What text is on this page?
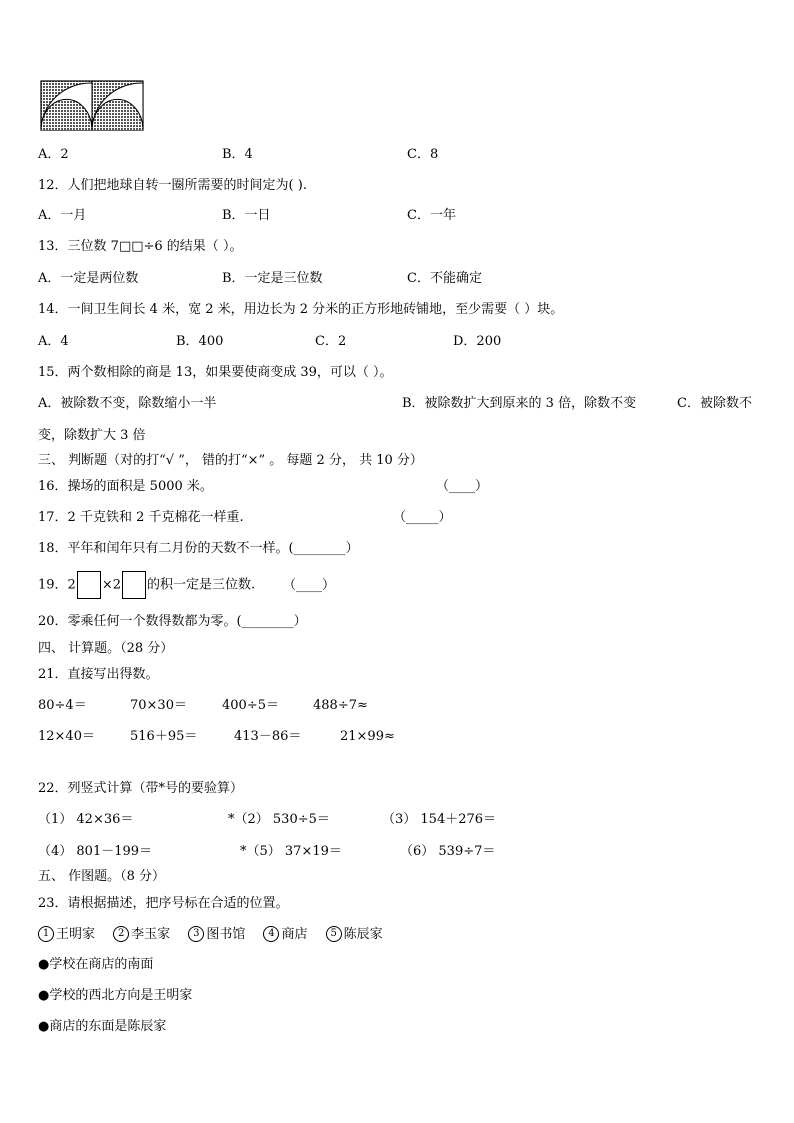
A．2	B．4	C．8
12．人们把地球自转一圈所需要的时间定为( ).
A．一月	B．一日	C．一年
13．三位数 7□□÷6 的结果（ ）。
A．一定是两位数	B．一定是三位数	C．不能确定
14．一间卫生间长 4 米，宽 2 米，用边长为 2 分米的正方形地砖铺地，至少需要（ ）块。
A．4	B．400	C．2	D．200
15．两个数相除的商是 13，如果要使商变成 39，可以（ ）。
A．被除数不变，除数缩小一半	B．被除数扩大到原来的 3 倍，除数不变	C．被除数不
变，除数扩大 3 倍
三、 判断题（对的打“√ ”， 错的打“×” 。 每题 2 分， 共 10 分）
16．操场的面积是 5000 米。	（____）
17．2 千克铁和 2 千克棉花一样重.	（_____）
18．平年和闰年只有二月份的天数不一样。(________）
19．2 ×2 的积一定是三位数. （____）
20．零乘任何一个数得数都为零。(________）
四、 计算题。（28 分）
21．直接写出得数。
80÷4＝	70×30＝	400÷5＝	488÷7≈
12×40＝	516＋95＝	413－86＝	21×99≈
22．列竖式计算（带*号的要验算）
（1） 42×36＝	*（2） 530÷5＝	（3） 154＋276＝
（4） 801－199＝	*（5） 37×19＝	（6） 539÷7＝
五、 作图题。（8 分）
23．请根据描述，把序号标在合适的位置。
1 王明家 2 李玉家 3 图书馆 4 商店 5 陈辰家
●学校在商店的南面
●学校的西北方向是王明家
●商店的东面是陈辰家
